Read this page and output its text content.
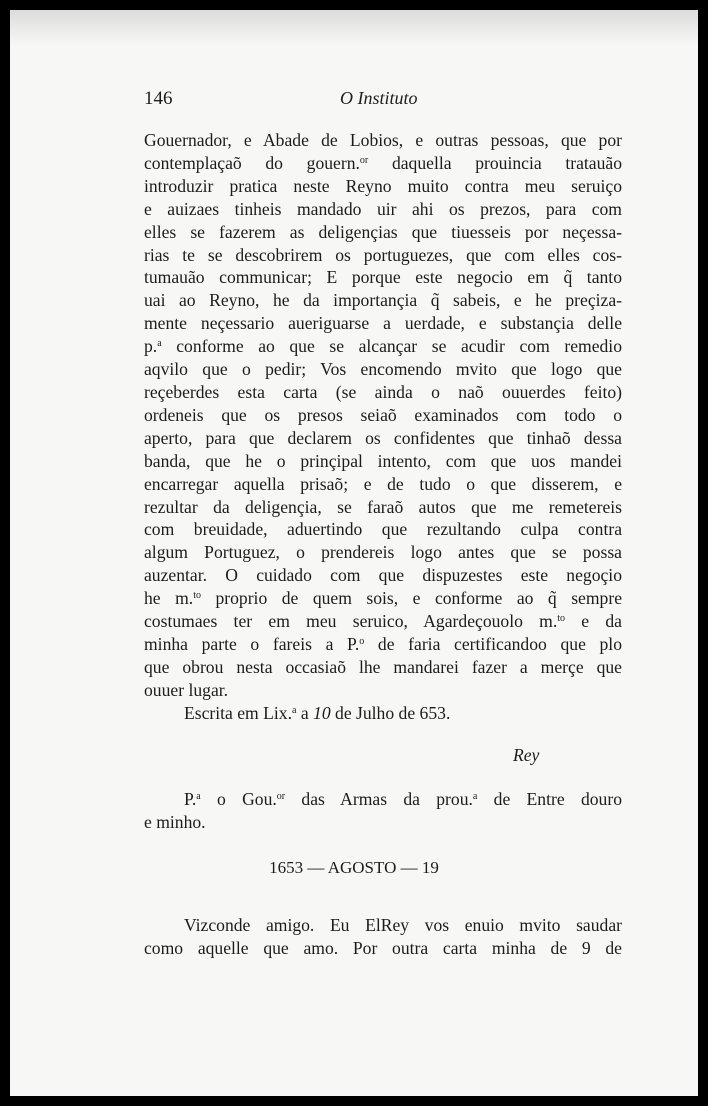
146	O Instituto
Gouernador, e Abade de Lobios, e outras pessoas, que por
contemplaçaõ do gouern.$^{or}$ daquella prouincia tratauão
introduzir pratica neste Reyno muito contra meu seruiço
e auizaes tinheis mandado uir ahi os prezos, para com
elles se fazerem as deligençias que tiuesseis por neçessa-
rias te se descobrirem os portuguezes, que com elles cos-
tumauão communicar; E porque este negocio em q̃ tanto
uai ao Reyno, he da importançia q̃ sabeis, e he preçiza-
mente neçessario aueriguarse a uerdade, e substançia delle
p.$^a$ conforme ao que se alcançar se acudir com remedio
aqvilo que o pedir; Vos encomendo mvito que logo que
reçeberdes esta carta (se ainda o naõ ouuerdes feito)
ordeneis que os presos seiaõ examinados com todo o
aperto, para que declarem os confidentes que tinhaõ dessa
banda, que he o prinçipal intento, com que uos mandei
encarregar aquella prisaõ; e de tudo o que disserem, e
rezultar da deligençia, se faraõ autos que me remetereis
com breuidade, aduertindo que rezultando culpa contra
algum Portuguez, o prendereis logo antes que se possa
auzentar. O cuidado com que dispuzestes este negoçio
he m.$^{to}$ proprio de quem sois, e conforme ao q̃ sempre
costumaes ter em meu seruico, Agardeçouolo m.$^{to}$ e da
minha parte o fareis a P.$^o$ de faria certificandoo que plo
que obrou nesta occasiaõ lhe mandarei fazer a merçe que
ouuer lugar.
Escrita em Lix.$^a$ a 10 de Julho de 653.
Rey
P.$^a$ o Gou.$^{or}$ das Armas da prou.$^a$ de Entre douro
e minho.
1653 — AGOSTO — 19
Vizconde amigo. Eu ElRey vos enuio mvito saudar
como aquelle que amo. Por outra carta minha de 9 de
